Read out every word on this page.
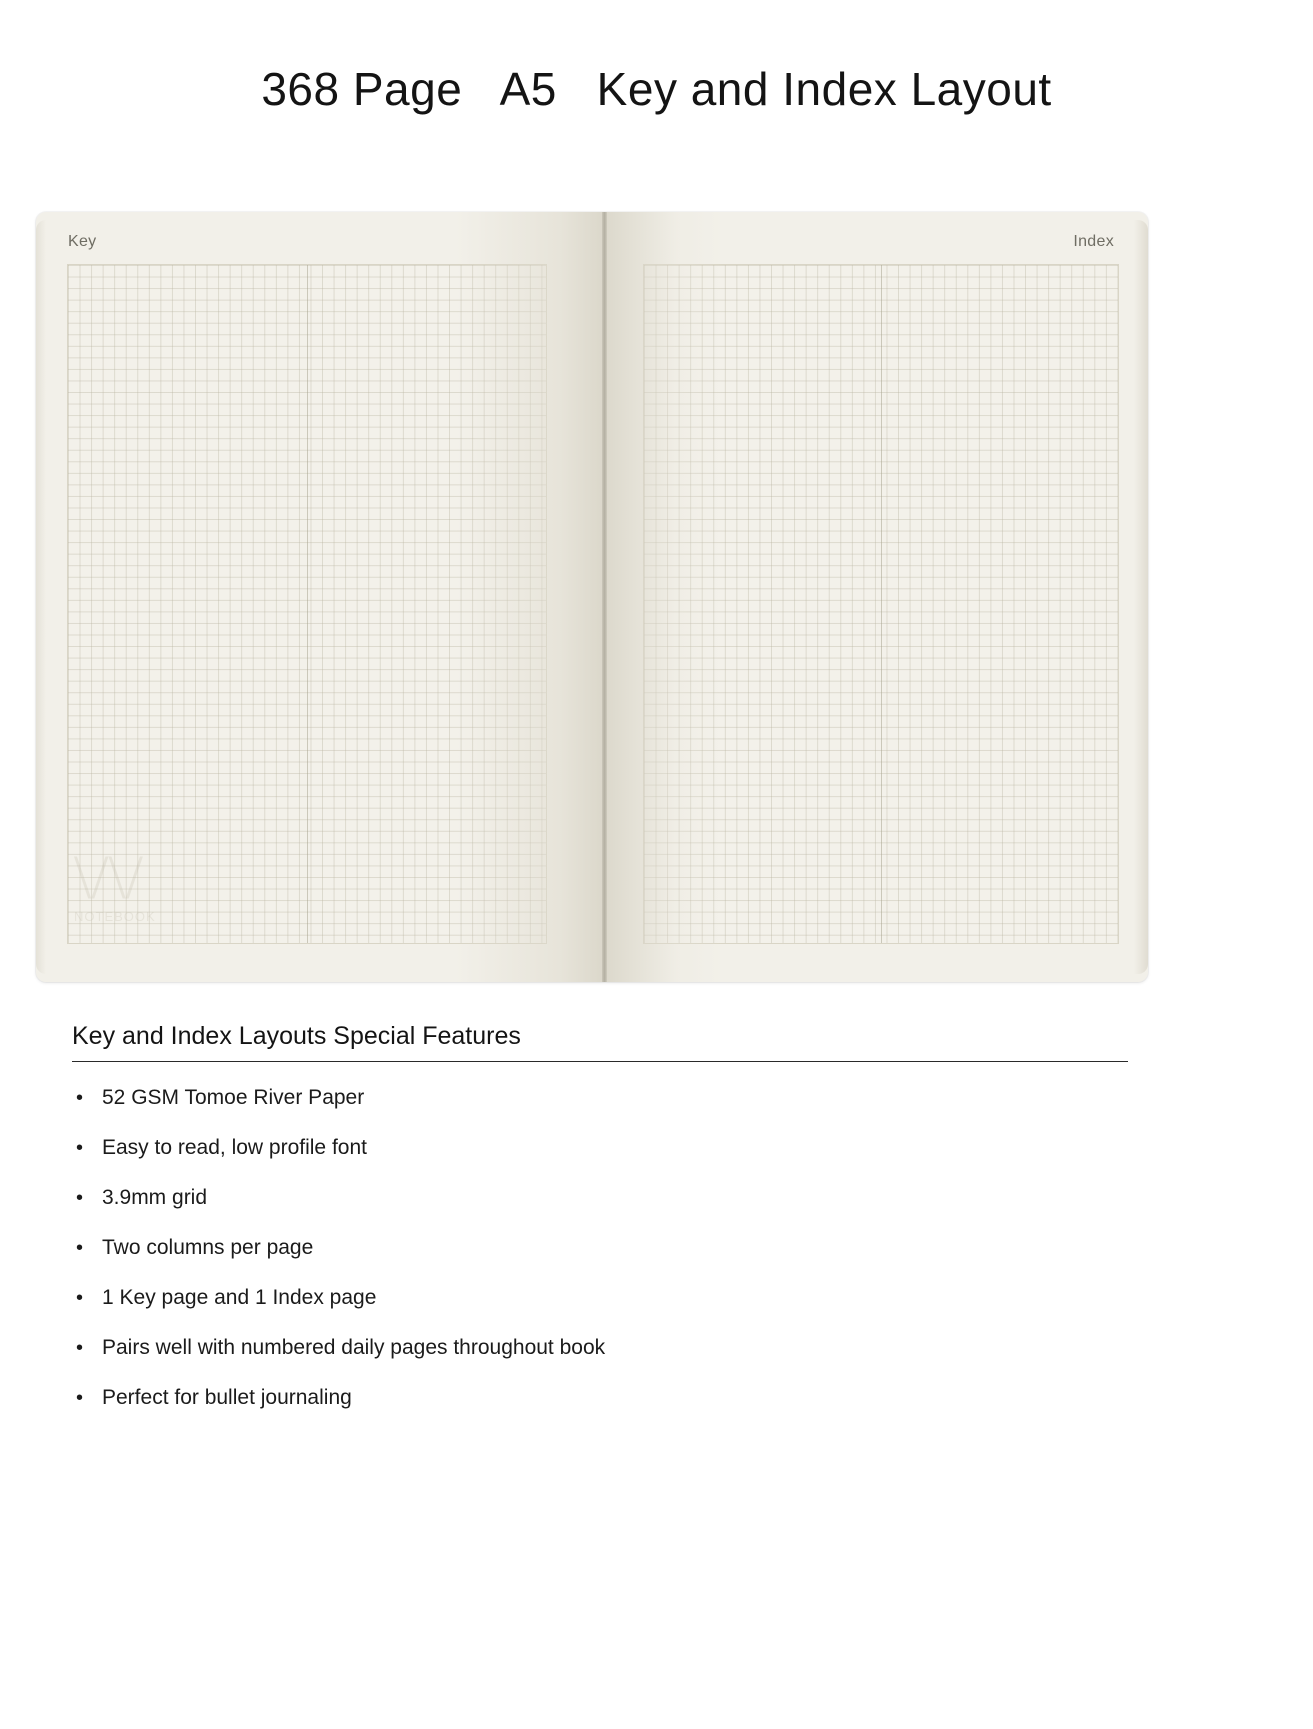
368 Page   A5   Key and Index Layout
Key
\/\/
NOTEBOOK
Index
Key and Index Layouts Special Features
• 52 GSM Tomoe River Paper
• Easy to read, low profile font
• 3.9mm grid
• Two columns per page
• 1 Key page and 1 Index page
• Pairs well with numbered daily pages throughout book
• Perfect for bullet journaling
